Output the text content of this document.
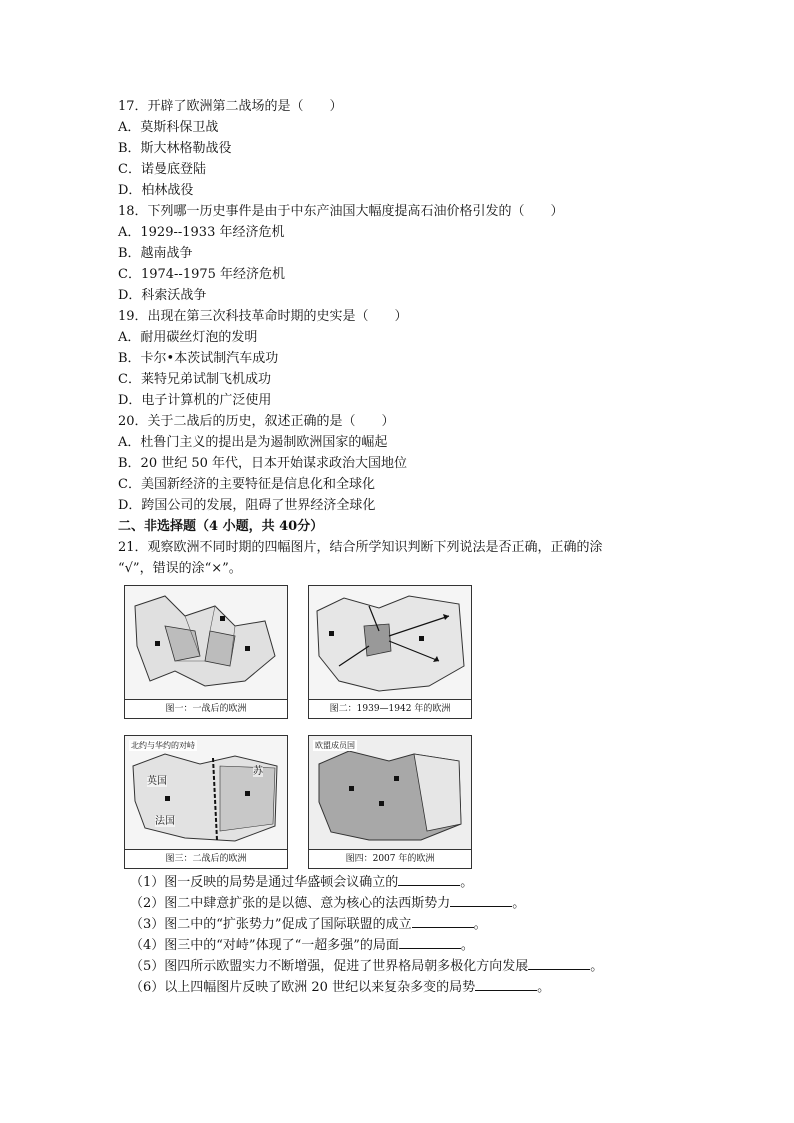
17．开辟了欧洲第二战场的是（　　）
A．莫斯科保卫战
B．斯大林格勒战役
C．诺曼底登陆
D．柏林战役
18．下列哪一历史事件是由于中东产油国大幅度提高石油价格引发的（　　）
A．1929--1933 年经济危机
B．越南战争
C．1974--1975 年经济危机
D．科索沃战争
19．出现在第三次科技革命时期的史实是（　　）
A．耐用碳丝灯泡的发明
B．卡尔•本茨试制汽车成功
C．莱特兄弟试制飞机成功
D．电子计算机的广泛使用
20．关于二战后的历史，叙述正确的是（　　）
A．杜鲁门主义的提出是为遏制欧洲国家的崛起
B．20 世纪 50 年代，日本开始谋求政治大国地位
C．美国新经济的主要特征是信息化和全球化
D．跨国公司的发展，阻碍了世界经济全球化
二、非选择题（4 小题，共 40分）
21．观察欧洲不同时期的四幅图片，结合所学知识判断下列说法是否正确，正确的涂
“√”，错误的涂“×”。
图一：一战后的欧洲	图二：1939—1942 年的欧洲
北约与华约的对峙
英国
法国
苏
图三：二战后的欧洲
欧盟成员国
图四：2007 年的欧洲
（1）图一反映的局势是通过华盛顿会议确立的	。
（2）图二中肆意扩张的是以德、意为核心的法西斯势力	。
（3）图二中的“扩张势力”促成了国际联盟的成立	。
（4）图三中的“对峙”体现了“一超多强”的局面	。
（5）图四所示欧盟实力不断增强，促进了世界格局朝多极化方向发展	。
（6）以上四幅图片反映了欧洲 20 世纪以来复杂多变的局势	。
